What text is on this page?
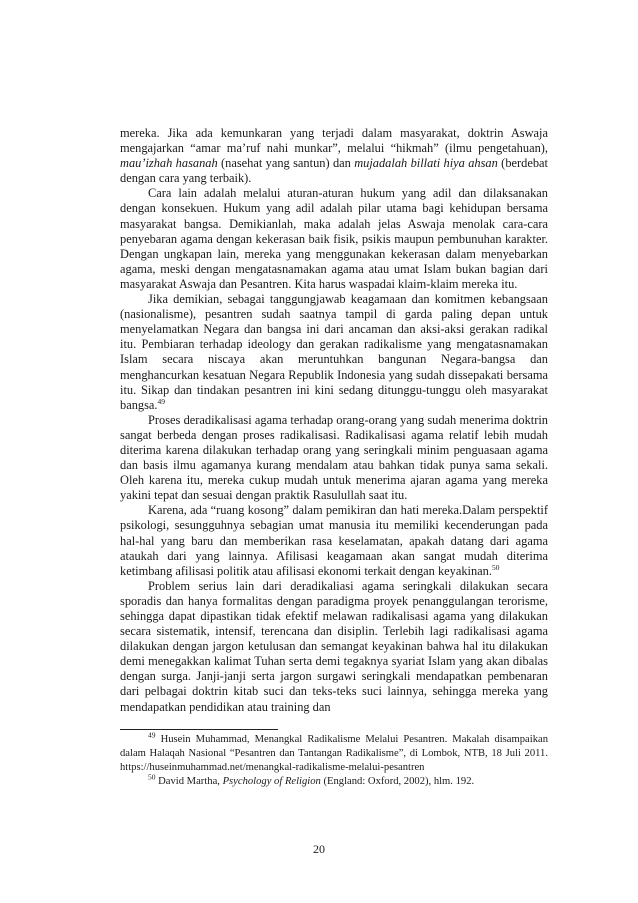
mereka. Jika ada kemunkaran yang terjadi dalam masyarakat, doktrin Aswaja mengajarkan “amar ma’ruf nahi munkar”, melalui “hikmah” (ilmu pengetahuan), mau’izhah hasanah (nasehat yang santun) dan mujadalah billati hiya ahsan (berdebat dengan cara yang terbaik).

Cara lain adalah melalui aturan-aturan hukum yang adil dan dilaksanakan dengan konsekuen. Hukum yang adil adalah pilar utama bagi kehidupan bersama masyarakat bangsa. Demikianlah, maka adalah jelas Aswaja menolak cara-cara penyebaran agama dengan kekerasan baik fisik, psikis maupun pembunuhan karakter. Dengan ungkapan lain, mereka yang menggunakan kekerasan dalam menyebarkan agama, meski dengan mengatasnamakan agama atau umat Islam bukan bagian dari masyarakat Aswaja dan Pesantren. Kita harus waspadai klaim-klaim mereka itu.

Jika demikian, sebagai tanggungjawab keagamaan dan komitmen kebangsaan (nasionalisme), pesantren sudah saatnya tampil di garda paling depan untuk menyelamatkan Negara dan bangsa ini dari ancaman dan aksi-aksi gerakan radikal itu. Pembiaran terhadap ideology dan gerakan radikalisme yang mengatasnamakan Islam secara niscaya akan meruntuhkan bangunan Negara-bangsa dan menghancurkan kesatuan Negara Republik Indonesia yang sudah dissepakati bersama itu. Sikap dan tindakan pesantren ini kini sedang ditunggu-tunggu oleh masyarakat bangsa.$^{49}$

Proses deradikalisasi agama terhadap orang-orang yang sudah menerima doktrin sangat berbeda dengan proses radikalisasi. Radikalisasi agama relatif lebih mudah diterima karena dilakukan terhadap orang yang seringkali minim penguasaan agama dan basis ilmu agamanya kurang mendalam atau bahkan tidak punya sama sekali. Oleh karena itu, mereka cukup mudah untuk menerima ajaran agama yang mereka yakini tepat dan sesuai dengan praktik Rasulullah saat itu.

Karena, ada “ruang kosong” dalam pemikiran dan hati mereka.Dalam perspektif psikologi, sesungguhnya sebagian umat manusia itu memiliki kecenderungan pada hal-hal yang baru dan memberikan rasa keselamatan, apakah datang dari agama ataukah dari yang lainnya. Afilisasi keagamaan akan sangat mudah diterima ketimbang afilisasi politik atau afilisasi ekonomi terkait dengan keyakinan.$^{50}$

Problem serius lain dari deradikaliasi agama seringkali dilakukan secara sporadis dan hanya formalitas dengan paradigma proyek penanggulangan terorisme, sehingga dapat dipastikan tidak efektif melawan radikalisasi agama yang dilakukan secara sistematik, intensif, terencana dan disiplin. Terlebih lagi radikalisasi agama dilakukan dengan jargon ketulusan dan semangat keyakinan bahwa hal itu dilakukan demi menegakkan kalimat Tuhan serta demi tegaknya syariat Islam yang akan dibalas dengan surga. Janji-janji serta jargon surgawi seringkali mendapatkan pembenaran dari pelbagai doktrin kitab suci dan teks-teks suci lainnya, sehingga mereka yang mendapatkan pendidikan atau training dan

$^{49}$ Husein Muhammad, Menangkal Radikalisme Melalui Pesantren. Makalah disampaikan dalam Halaqah Nasional “Pesantren dan Tantangan Radikalisme”, di Lombok, NTB, 18 Juli 2011. https://huseinmuhammad.net/menangkal-radikalisme-melalui-pesantren

$^{50}$ David Martha, Psychology of Religion (England: Oxford, 2002), hlm. 192.

20
